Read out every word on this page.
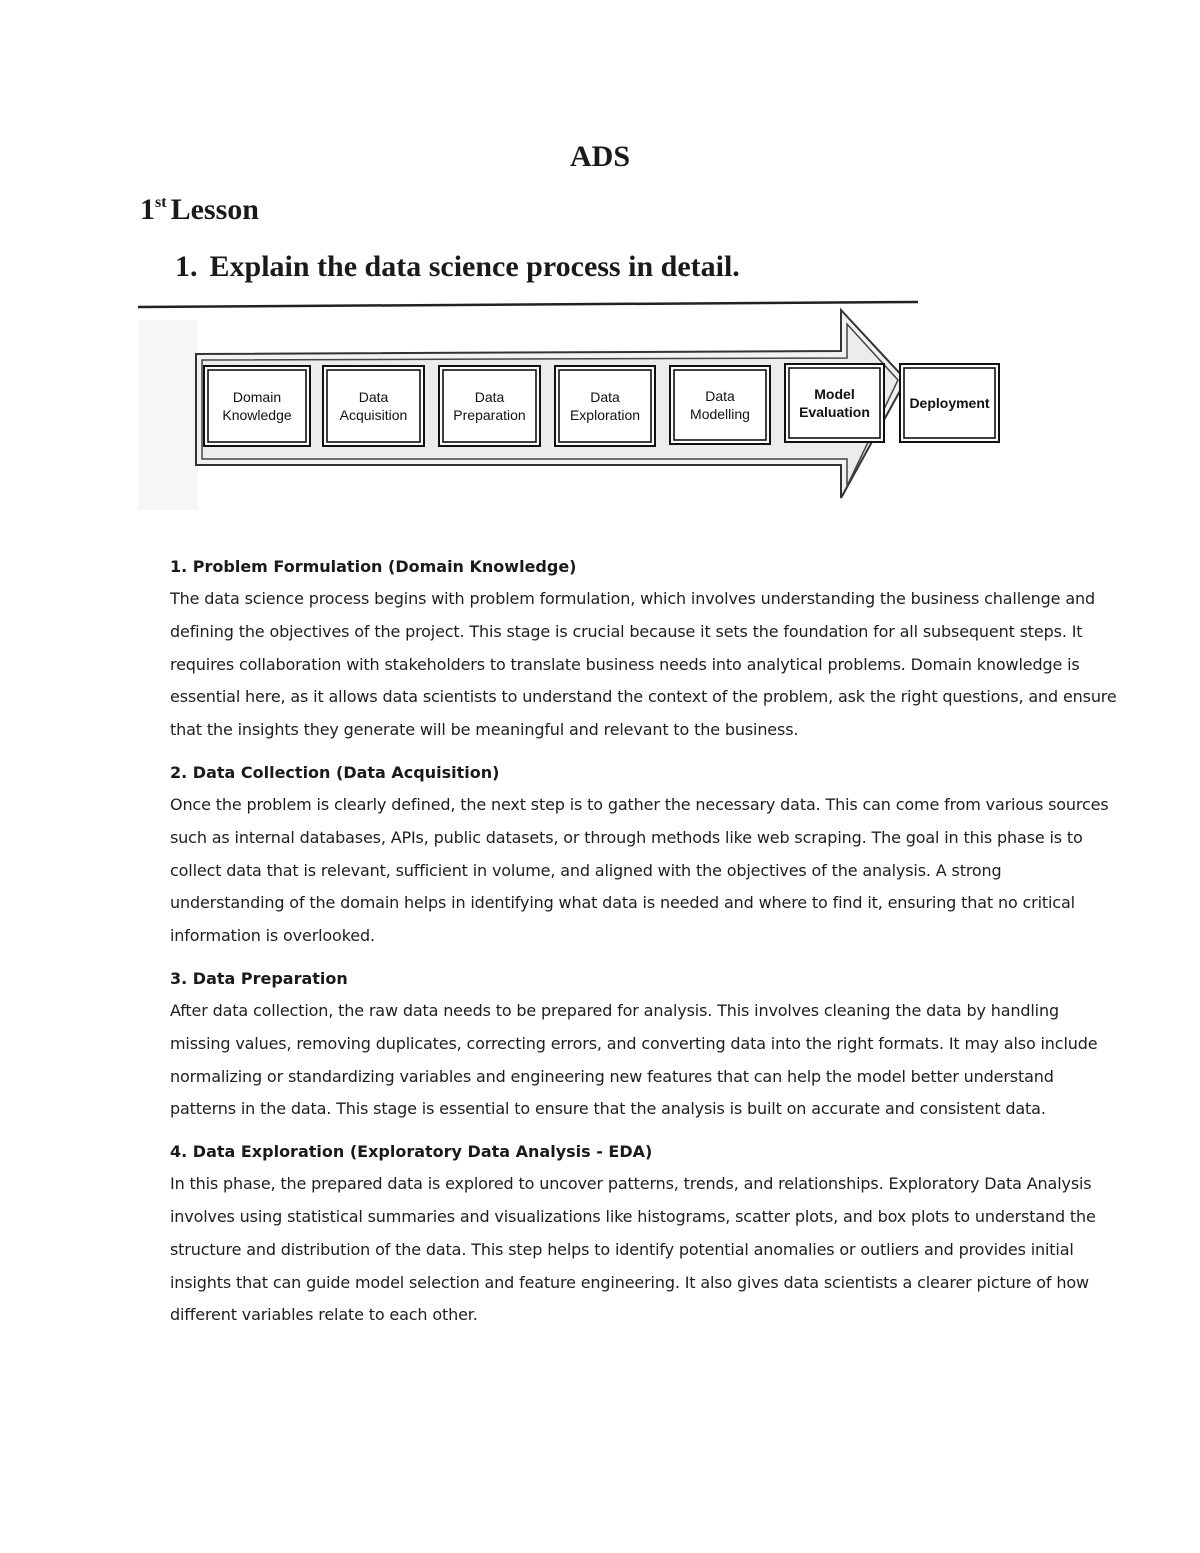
ADS
1st Lesson
1. Explain the data science process in detail.
Domain
Knowledge
Data
Acquisition
Data
Preparation
Data
Exploration
Data
Modelling
Model
Evaluation
Deployment

1. Problem Formulation (Domain Knowledge)

The data science process begins with problem formulation, which involves understanding the business challenge and defining the objectives of the project. This stage is crucial because it sets the foundation for all subsequent steps. It requires collaboration with stakeholders to translate business needs into analytical problems. Domain knowledge is essential here, as it allows data scientists to understand the context of the problem, ask the right questions, and ensure that the insights they generate will be meaningful and relevant to the business.

2. Data Collection (Data Acquisition)

Once the problem is clearly defined, the next step is to gather the necessary data. This can come from various sources such as internal databases, APIs, public datasets, or through methods like web scraping. The goal in this phase is to collect data that is relevant, sufficient in volume, and aligned with the objectives of the analysis. A strong understanding of the domain helps in identifying what data is needed and where to find it, ensuring that no critical information is overlooked.

3. Data Preparation

After data collection, the raw data needs to be prepared for analysis. This involves cleaning the data by handling missing values, removing duplicates, correcting errors, and converting data into the right formats. It may also include normalizing or standardizing variables and engineering new features that can help the model better understand patterns in the data. This stage is essential to ensure that the analysis is built on accurate and consistent data.

4. Data Exploration (Exploratory Data Analysis - EDA)

In this phase, the prepared data is explored to uncover patterns, trends, and relationships. Exploratory Data Analysis involves using statistical summaries and visualizations like histograms, scatter plots, and box plots to understand the structure and distribution of the data. This step helps to identify potential anomalies or outliers and provides initial insights that can guide model selection and feature engineering. It also gives data scientists a clearer picture of how different variables relate to each other.
